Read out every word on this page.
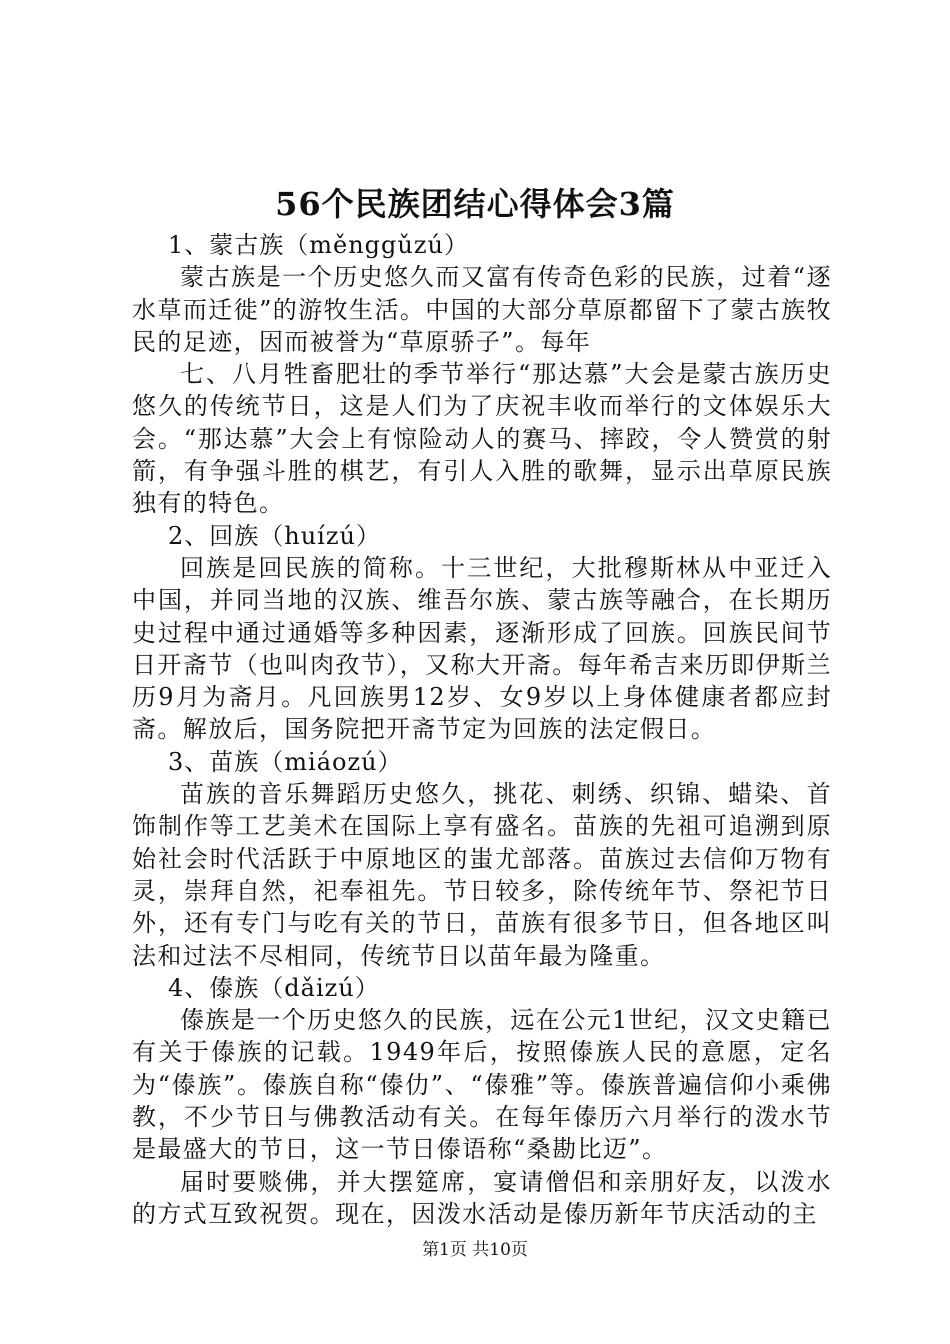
56个民族团结心得体会3篇

1、蒙古族（měnggǔzú）

蒙古族是一个历史悠久而又富有传奇色彩的民族，过着“逐水草而迁徙”的游牧生活。中国的大部分草原都留下了蒙古族牧民的足迹，因而被誉为“草原骄子”。每年

七、八月牲畜肥壮的季节举行“那达慕”大会是蒙古族历史悠久的传统节日，这是人们为了庆祝丰收而举行的文体娱乐大会。“那达慕”大会上有惊险动人的赛马、摔跤，令人赞赏的射箭，有争强斗胜的棋艺，有引人入胜的歌舞，显示出草原民族独有的特色。

2、回族（huízú）

回族是回民族的简称。十三世纪，大批穆斯林从中亚迁入中国，并同当地的汉族、维吾尔族、蒙古族等融合，在长期历史过程中通过通婚等多种因素，逐渐形成了回族。回族民间节日开斋节（也叫肉孜节），又称大开斋。每年希吉来历即伊斯兰历9月为斋月。凡回族男12岁、女9岁以上身体健康者都应封斋。解放后，国务院把开斋节定为回族的法定假日。

3、苗族（miáozú）

苗族的音乐舞蹈历史悠久，挑花、刺绣、织锦、蜡染、首饰制作等工艺美术在国际上享有盛名。苗族的先祖可追溯到原始社会时代活跃于中原地区的蚩尤部落。苗族过去信仰万物有灵，崇拜自然，祀奉祖先。节日较多，除传统年节、祭祀节日外，还有专门与吃有关的节日，苗族有很多节日，但各地区叫法和过法不尽相同，传统节日以苗年最为隆重。

4、傣族（dǎizú）

傣族是一个历史悠久的民族，远在公元1世纪，汉文史籍已有关于傣族的记载。1949年后，按照傣族人民的意愿，定名为“傣族”。傣族自称“傣仂”、“傣雅”等。傣族普遍信仰小乘佛教，不少节日与佛教活动有关。在每年傣历六月举行的泼水节是最盛大的节日，这一节日傣语称“桑勘比迈”。

届时要赕佛，并大摆筵席，宴请僧侣和亲朋好友，以泼水的方式互致祝贺。现在，因泼水活动是傣历新年节庆活动的主

第1页 共10页
